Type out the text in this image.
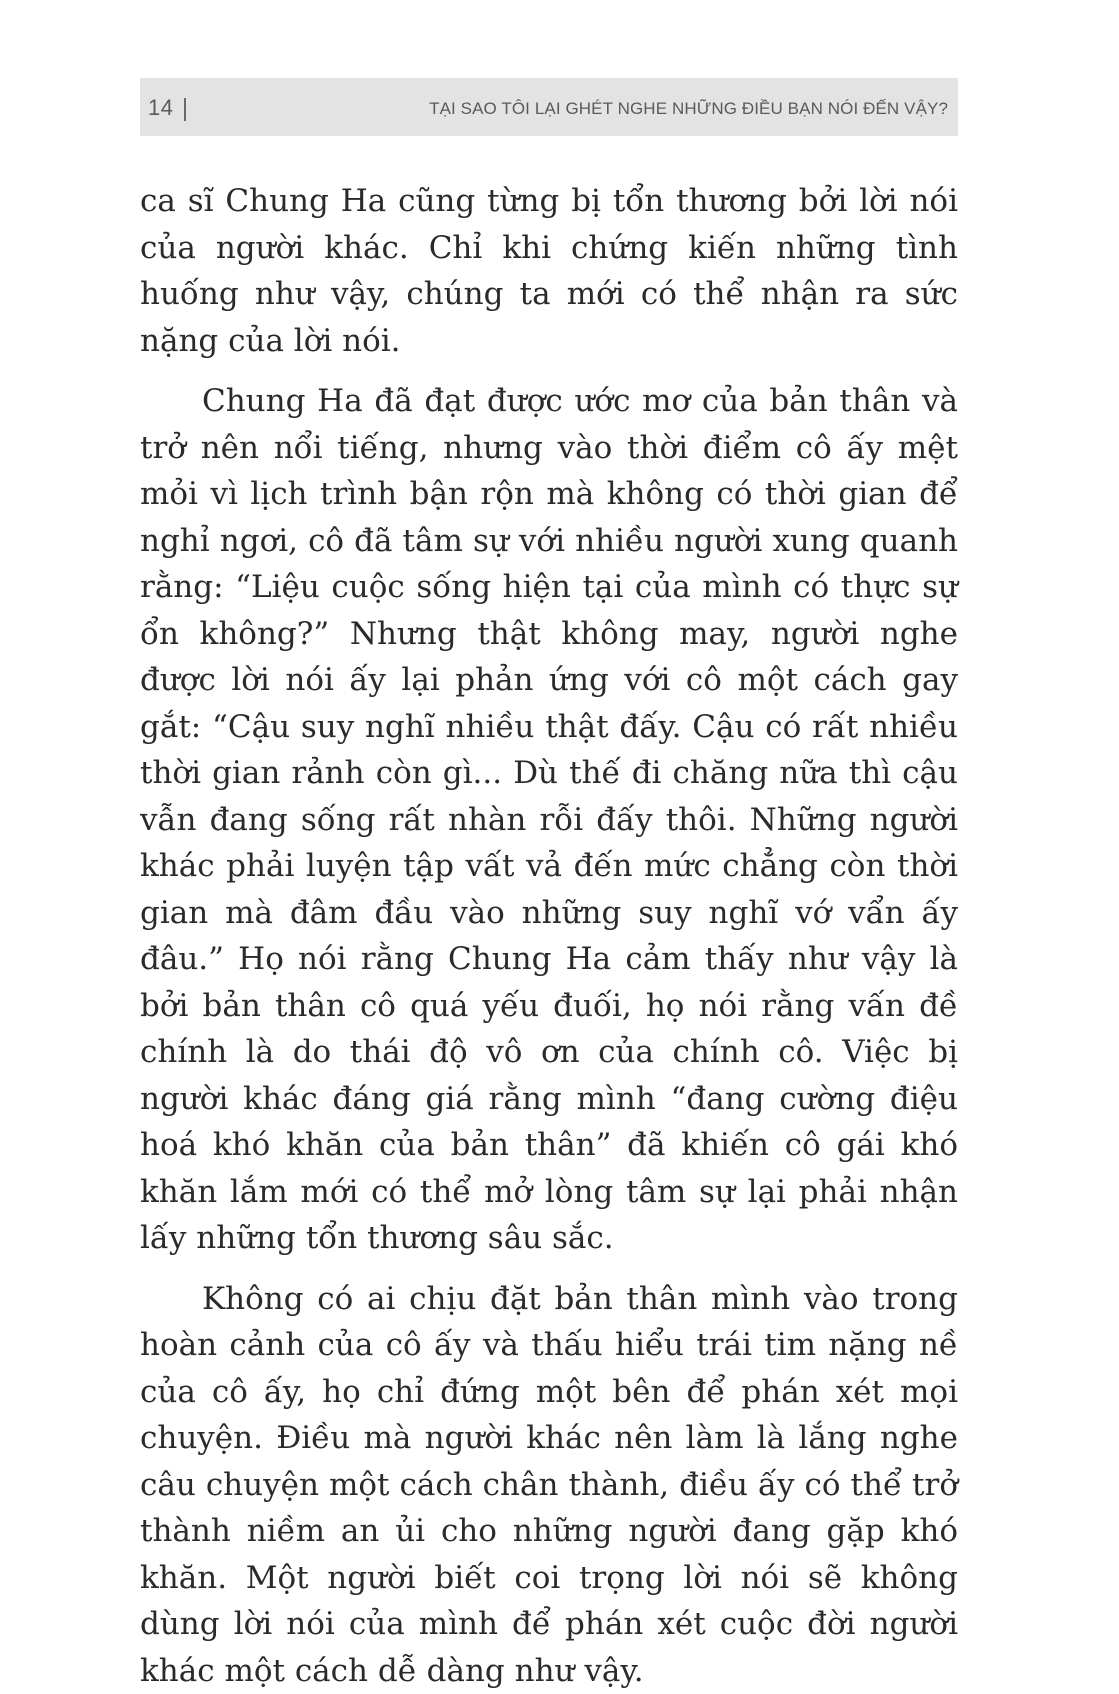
14	TẠI SAO TÔI LẠI GHÉT NGHE NHỮNG ĐIỀU BẠN NÓI ĐẾN VẬY?

ca sĩ Chung Ha cũng từng bị tổn thương bởi lời nói của người khác. Chỉ khi chứng kiến những tình huống như vậy, chúng ta mới có thể nhận ra sức nặng của lời nói.

Chung Ha đã đạt được ước mơ của bản thân và trở nên nổi tiếng, nhưng vào thời điểm cô ấy mệt mỏi vì lịch trình bận rộn mà không có thời gian để nghỉ ngơi, cô đã tâm sự với nhiều người xung quanh rằng: “Liệu cuộc sống hiện tại của mình có thực sự ổn không?” Nhưng thật không may, người nghe được lời nói ấy lại phản ứng với cô một cách gay gắt: “Cậu suy nghĩ nhiều thật đấy. Cậu có rất nhiều thời gian rảnh còn gì... Dù thế đi chăng nữa thì cậu vẫn đang sống rất nhàn rỗi đấy thôi. Những người khác phải luyện tập vất vả đến mức chẳng còn thời gian mà đâm đầu vào những suy nghĩ vớ vẩn ấy đâu.” Họ nói rằng Chung Ha cảm thấy như vậy là bởi bản thân cô quá yếu đuối, họ nói rằng vấn đề chính là do thái độ vô ơn của chính cô. Việc bị người khác đáng giá rằng mình “đang cường điệu hoá khó khăn của bản thân” đã khiến cô gái khó khăn lắm mới có thể mở lòng tâm sự lại phải nhận lấy những tổn thương sâu sắc.

Không có ai chịu đặt bản thân mình vào trong hoàn cảnh của cô ấy và thấu hiểu trái tim nặng nề của cô ấy, họ chỉ đứng một bên để phán xét mọi chuyện. Điều mà người khác nên làm là lắng nghe câu chuyện một cách chân thành, điều ấy có thể trở thành niềm an ủi cho những người đang gặp khó khăn. Một người biết coi trọng lời nói sẽ không dùng lời nói của mình để phán xét cuộc đời người khác một cách dễ dàng như vậy.
